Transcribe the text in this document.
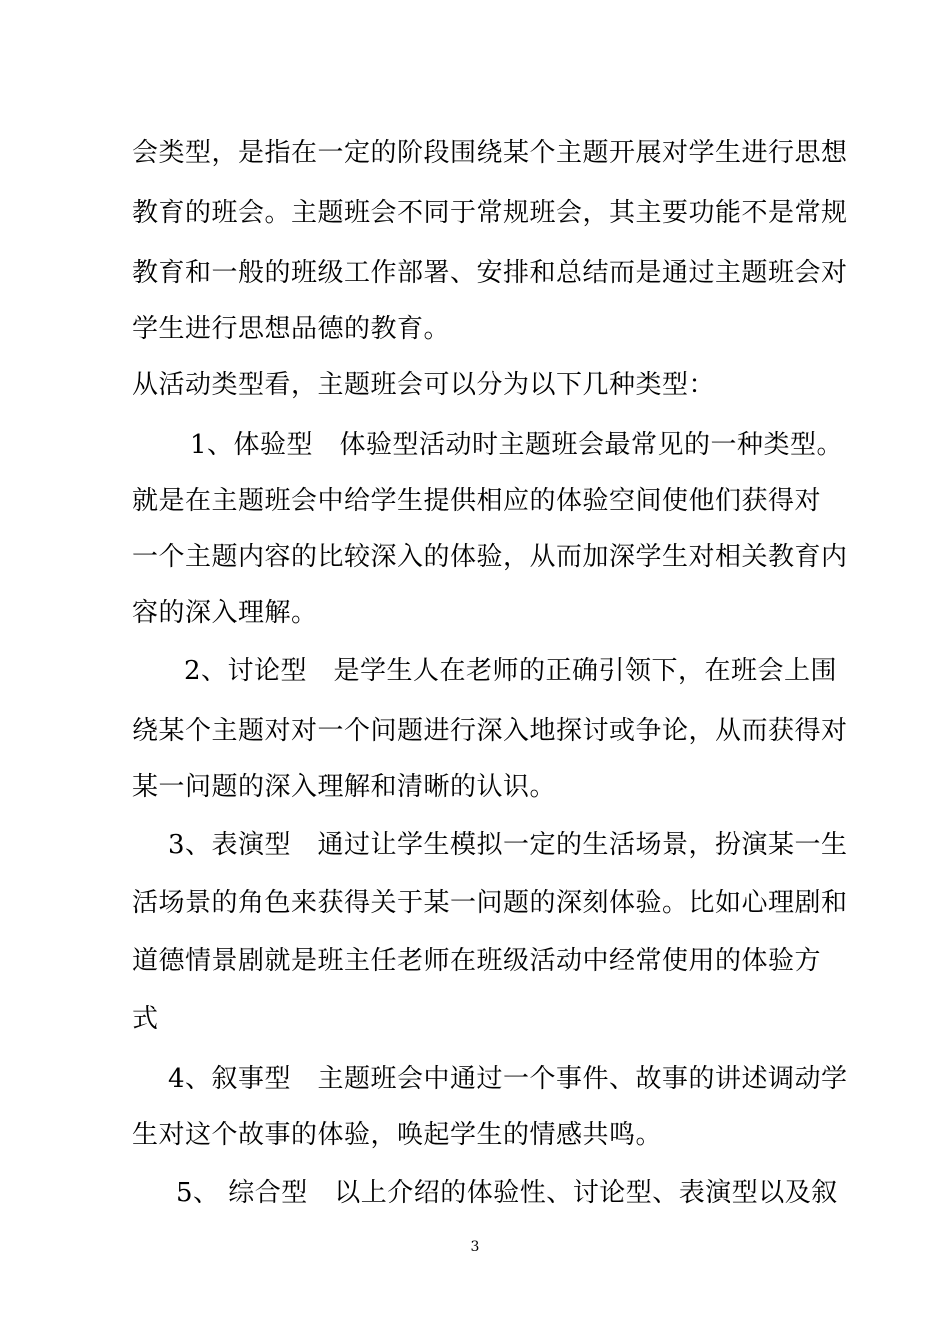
会类型，是指在一定的阶段围绕某个主题开展对学生进行思想
教育的班会。主题班会不同于常规班会，其主要功能不是常规
教育和一般的班级工作部署、安排和总结而是通过主题班会对
学生进行思想品德的教育。
从活动类型看，主题班会可以分为以下几种类型：
1、体验型　体验型活动时主题班会最常见的一种类型。
就是在主题班会中给学生提供相应的体验空间使他们获得对
一个主题内容的比较深入的体验，从而加深学生对相关教育内
容的深入理解。
2、讨论型　是学生人在老师的正确引领下，在班会上围
绕某个主题对对一个问题进行深入地探讨或争论，从而获得对
某一问题的深入理解和清晰的认识。
3、表演型　通过让学生模拟一定的生活场景，扮演某一生
活场景的角色来获得关于某一问题的深刻体验。比如心理剧和
道德情景剧就是班主任老师在班级活动中经常使用的体验方
式
4、叙事型　主题班会中通过一个事件、故事的讲述调动学
生对这个故事的体验，唤起学生的情感共鸣。
5、 综合型　以上介绍的体验性、讨论型、表演型以及叙
3
